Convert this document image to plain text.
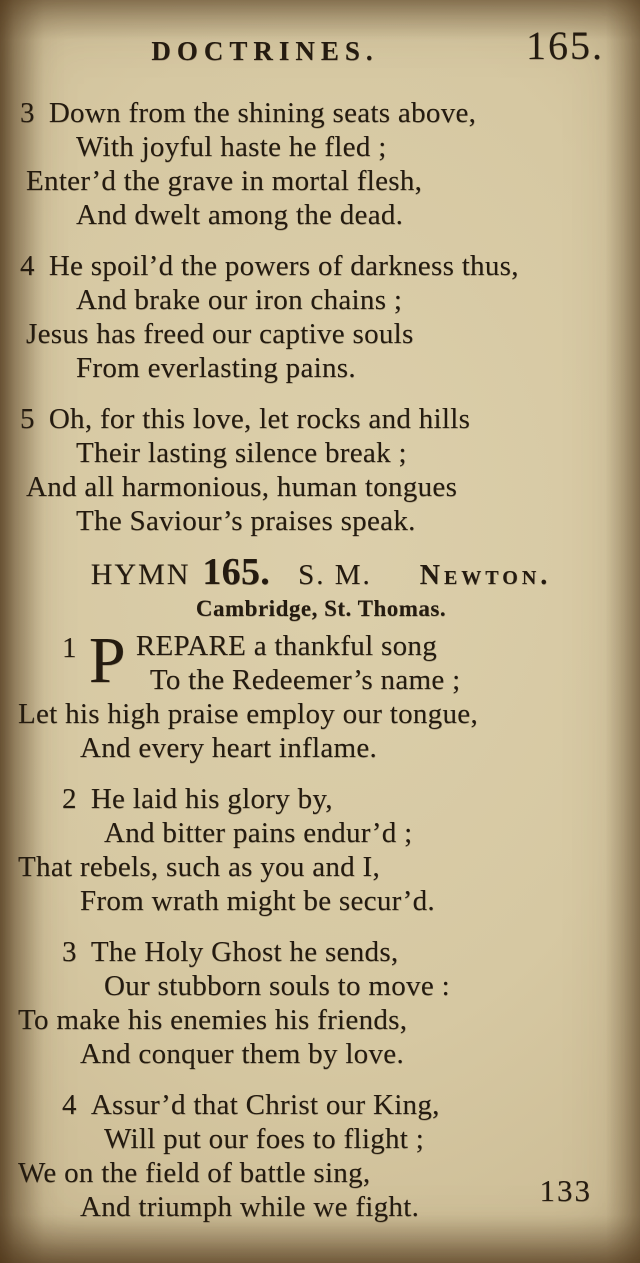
DOCTRINES.	165.
3 Down from the shining seats above,
With joyful haste he fled ;
Enter’d the grave in mortal flesh,
And dwelt among the dead.
4 He spoil’d the powers of darkness thus,
And brake our iron chains ;
Jesus has freed our captive souls
From everlasting pains.
5 Oh, for this love, let rocks and hills
Their lasting silence break ;
And all harmonious, human tongues
The Saviour’s praises speak.
HYMN 165. S. M. Newton.
Cambridge, St. Thomas.
1 P REPARE a thankful song
To the Redeemer’s name ;
Let his high praise employ our tongue,
And every heart inflame.
2 He laid his glory by,
And bitter pains endur’d ;
That rebels, such as you and I,
From wrath might be secur’d.
3 The Holy Ghost he sends,
Our stubborn souls to move :
To make his enemies his friends,
And conquer them by love.
4 Assur’d that Christ our King,
Will put our foes to flight ;
We on the field of battle sing,
And triumph while we fight.	133
